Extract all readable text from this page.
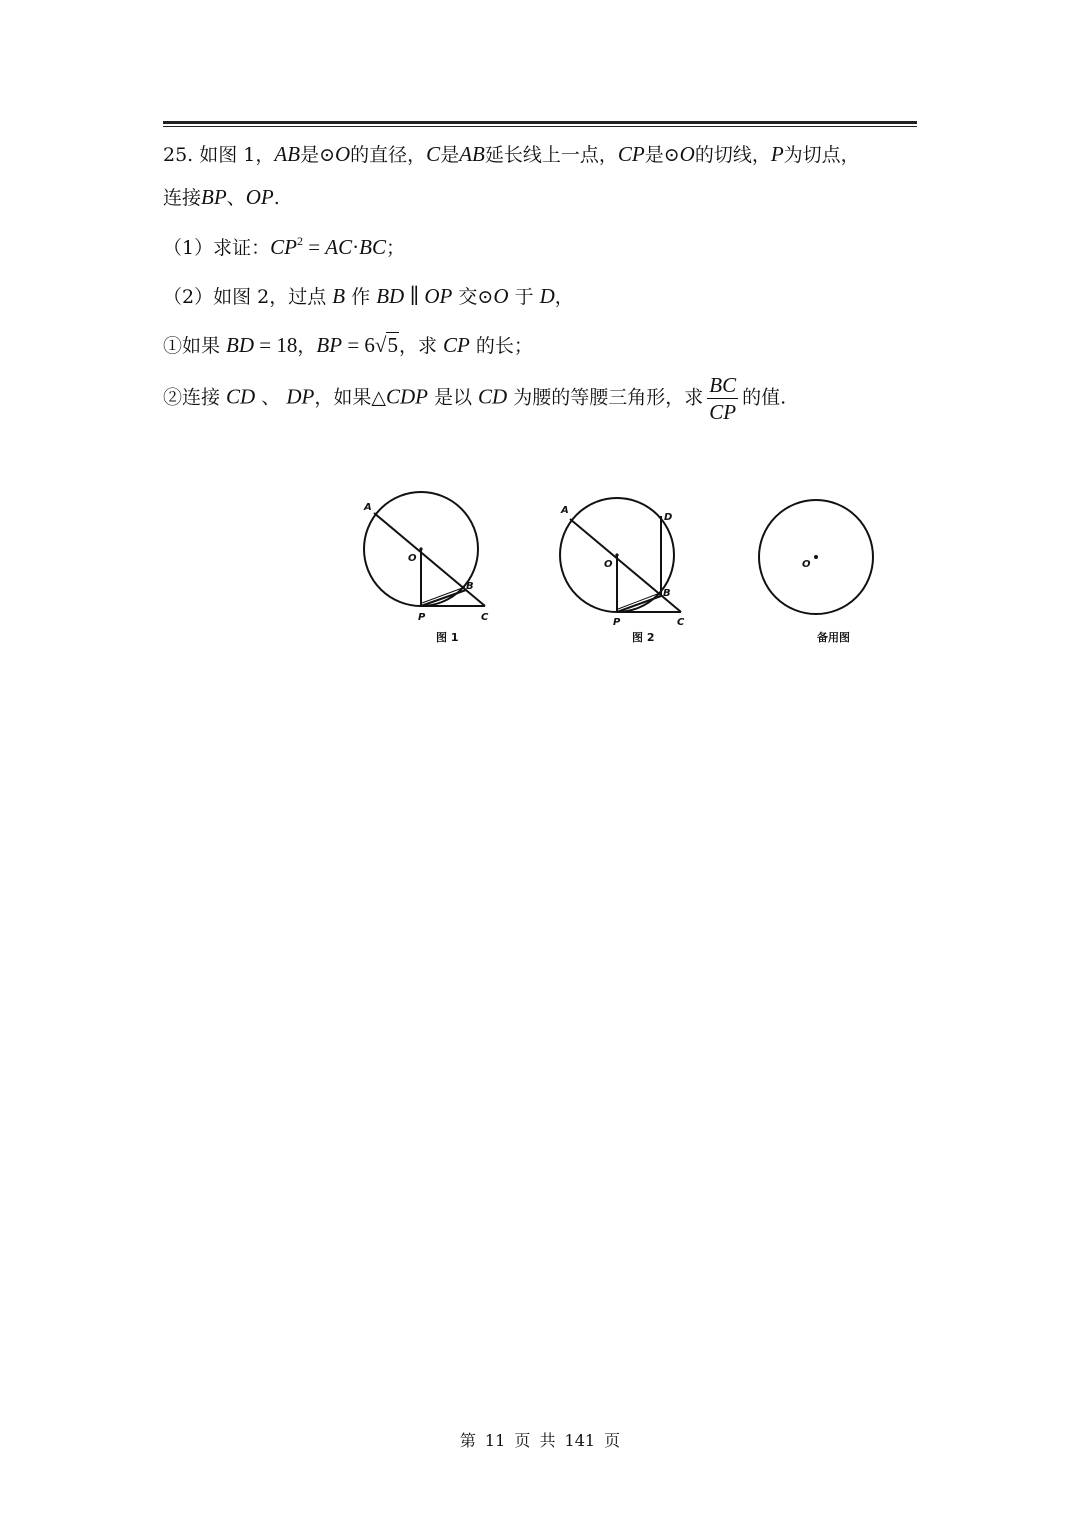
25. 如图 1，AB是⊙O的直径，C是AB延长线上一点，CP是⊙O的切线，P为切点，
连接BP、OP.
（1）求证：$CP^2 = AC\cdot BC$；
（2）如图 2，过点 B 作 BD ∥ OP 交⊙O 于 D，
①如果 BD = 18，BP = 6√5，求 CP 的长；
②连接 CD 、 DP，如果△CDP 是以 CD 为腰的等腰三角形，求 $\frac{BC}{CP}$ 的值.
A
O
B
P	C
图 1
A
O
D
B
P	C
图 2
O
备用图
第 11 页 共 141 页
